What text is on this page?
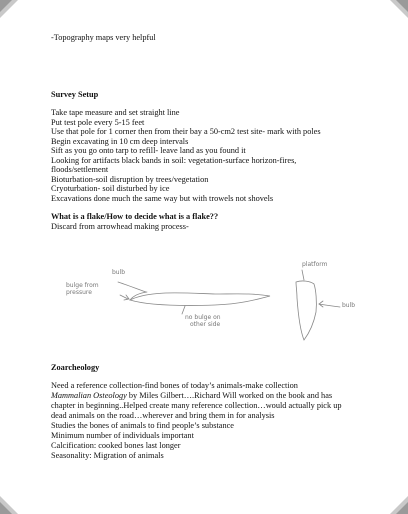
-Topography maps very helpful
Survey Setup
Take tape measure and set straight line
Put test pole every 5-15 feet
Use that pole for 1 corner then from their bay a 50-cm2 test site- mark with poles
Begin excavating in 10 cm deep intervals
Sift as you go onto tarp to refill- leave land as you found it
Looking for artifacts black bands in soil: vegetation-surface horizon-fires,
floods/settlement
Bioturbation-soil disruption by trees/vegetation
Cryoturbation- soil disturbed by ice
Excavations done much the same way but with trowels not shovels
What is a flake/How to decide what is a flake??
Discard from arrowhead making process-
bulb
bulge from
pressure
no bulge on
other side
platform
bulb
Zoarcheology
Need a reference collection-find bones of today’s animals-make collection
Mammalian Osteology by Miles Gilbert….Richard Will worked on the book and has
chapter in beginning..Helped create many reference collection…would actually pick up
dead animals on the road…wherever and bring them in for analysis
Studies the bones of animals to find people’s substance
Minimum number of individuals important
Calcification: cooked bones last longer
Seasonality: Migration of animals
